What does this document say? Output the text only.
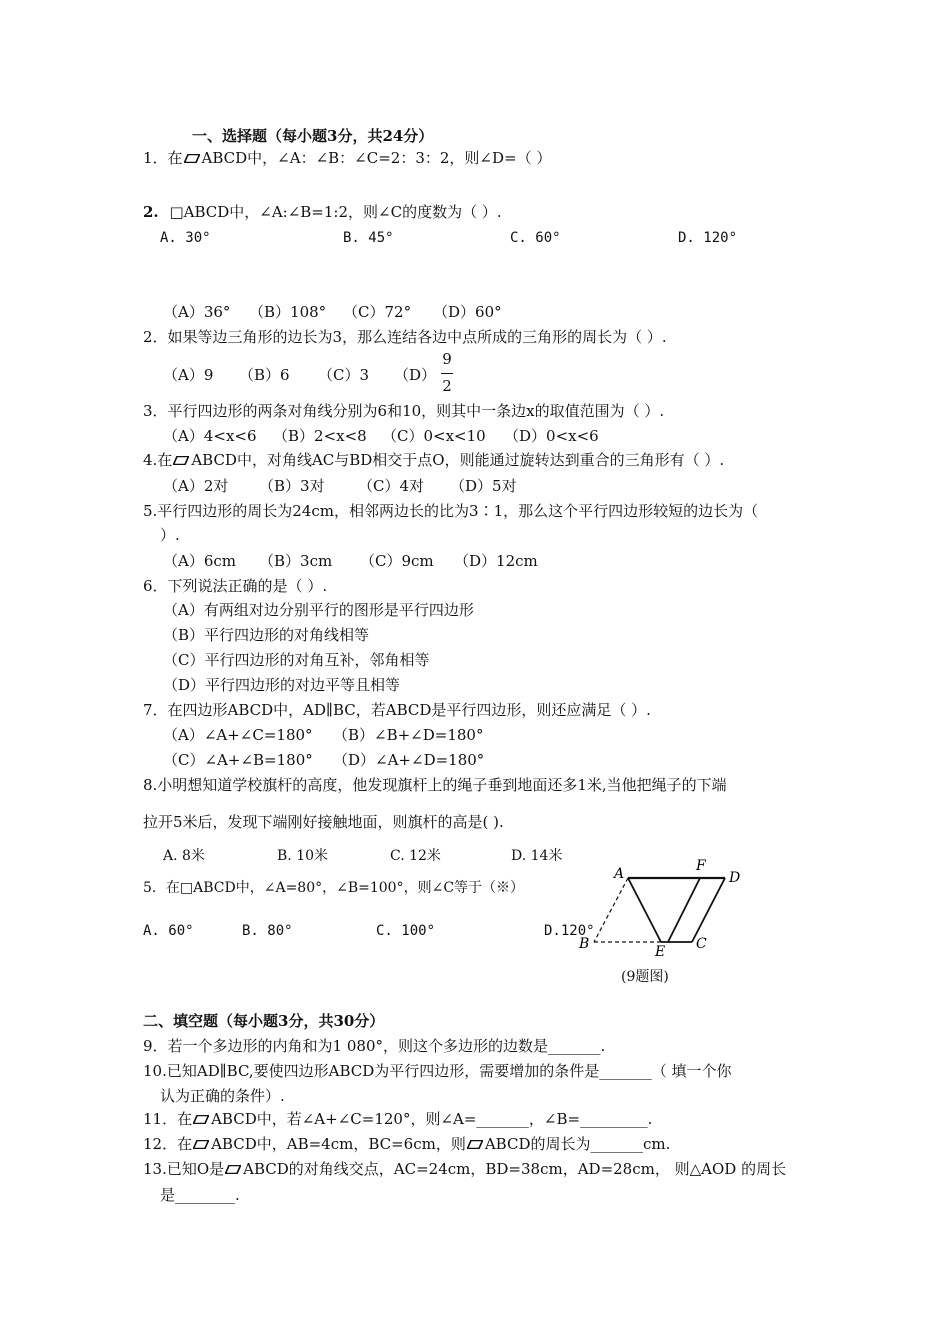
一、选择题（每小题3分，共24分）
1．在 ABCD中，∠A：∠B：∠C=2：3：2，则∠D=（ ）
2. □ABCD中，∠A:∠B=1:2，则∠C的度数为（ ）.
A. 30°	B. 45°	C. 60°	D. 120°
（A）36° （B）108° （C）72° （D）60°
2．如果等边三角形的边长为3，那么连结各边中点所成的三角形的周长为（ ）.
（A）9 （B）6 （C）3 （D）
9
2
3．平行四边形的两条对角线分别为6和10，则其中一条边x的取值范围为（ ）.
（A）4<x<6 （B）2<x<8 （C）0<x<10 （D）0<x<6
4.在 ABCD中，对角线AC与BD相交于点O，则能通过旋转达到重合的三角形有（ ）.
（A）2对 （B）3对 （C）4对 （D）5对
5.平行四边形的周长为24cm，相邻两边长的比为3∶1，那么这个平行四边形较短的边长为（
）.
（A）6cm （B）3cm （C）9cm （D）12cm
6．下列说法正确的是（ ）.
（A）有两组对边分别平行的图形是平行四边形
（B）平行四边形的对角线相等
（C）平行四边形的对角互补，邻角相等
（D）平行四边形的对边平等且相等
7．在四边形ABCD中，AD∥BC，若ABCD是平行四边形，则还应满足（ ）.
（A）∠A+∠C=180° （B）∠B+∠D=180°
（C）∠A+∠B=180° （D）∠A+∠D=180°
8.小明想知道学校旗杆的高度，他发现旗杆上的绳子垂到地面还多1米,当他把绳子的下端
拉开5米后，发现下端刚好接触地面，则旗杆的高是( ).
A. 8米	B. 10米	C. 12米	D. 14米
5．在□ABCD中，∠A=80°，∠B=100°，则∠C等于（※）
A. 60°	B. 80°	C. 100°	D.120°
A	F
D
B	E C
(9题图)
二、填空题（每小题3分，共30分）
9．若一个多边形的内角和为1 080°，则这个多边形的边数是_______.
10.已知AD∥BC,要使四边形ABCD为平行四边形，需要增加的条件是_______（ 填一个你
认为正确的条件）.
11．在 ABCD中，若∠A+∠C=120°，则∠A=_______，∠B=_________.
12．在 ABCD中，AB=4cm，BC=6cm，则 ABCD的周长为_______cm.
13.已知O是 ABCD的对角线交点，AC=24cm，BD=38cm，AD=28cm， 则△AOD 的周长
是________.
